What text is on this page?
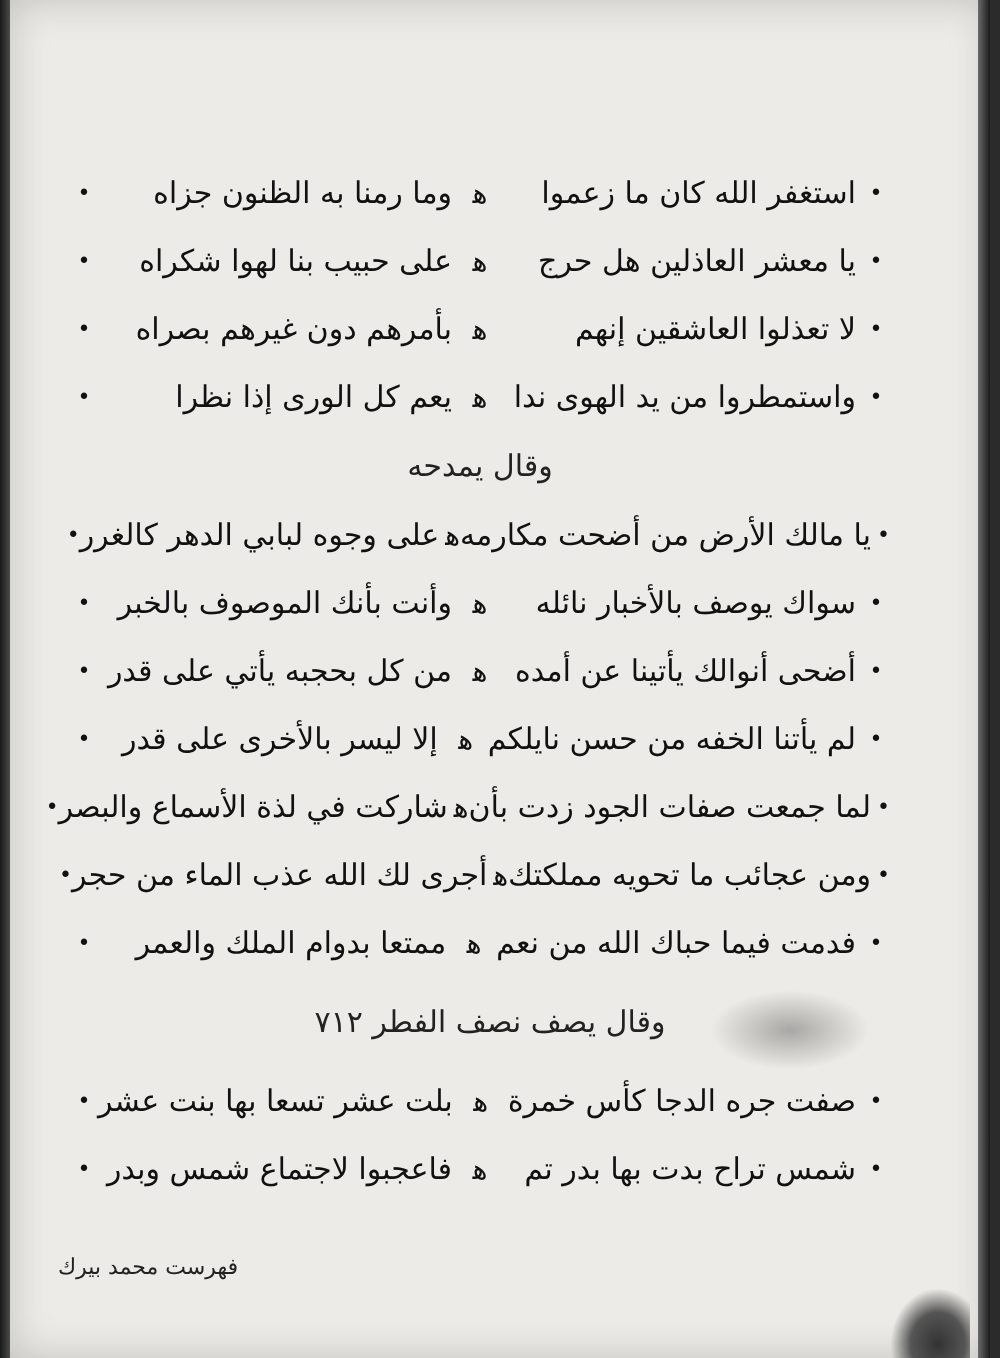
•
استغفر الله كان ما زعموا
ﻫ
وما رمنا به الظنون جزاه
•
•
يا معشر العاذلين هل حرج
ﻫ
على حبيب بنا لهوا شكراه
•
•
لا تعذلوا العاشقين إنهم
ﻫ
بأمرهم دون غيرهم بصراه
•
•
واستمطروا من يد الهوى ندا
ﻫ
يعم كل الورى إذا نظرا
•
وقال يمدحه
•
يا مالك الأرض من أضحت مكارمه
ﻫ
على وجوه لبابي الدهر كالغرر
•
•
سواك يوصف بالأخبار نائله
ﻫ
وأنت بأنك الموصوف بالخبر
•
•
أضحى أنوالك يأتينا عن أمده
ﻫ
من كل بحجبه يأتي على قدر
•
•
لم يأتنا الخفه من حسن نايلكم
ﻫ
إلا ليسر بالأخرى على قدر
•
•
لما جمعت صفات الجود زدت بأن
ﻫ
شاركت في لذة الأسماع والبصر
•
•
ومن عجائب ما تحويه مملكتك
ﻫ
أجرى لك الله عذب الماء من حجر
•
•
فدمت فيما حباك الله من نعم
ﻫ
ممتعا بدوام الملك والعمر
•
وقال يصف نصف الفطر ٧١٢
•
صفت جره الدجا كأس خمرة
ﻫ
بلت عشر تسعا بها بنت عشر
•
•
شمس تراح بدت بها بدر تم
ﻫ
فاعجبوا لاجتماع شمس وبدر
•
فهرست محمد بيرك
